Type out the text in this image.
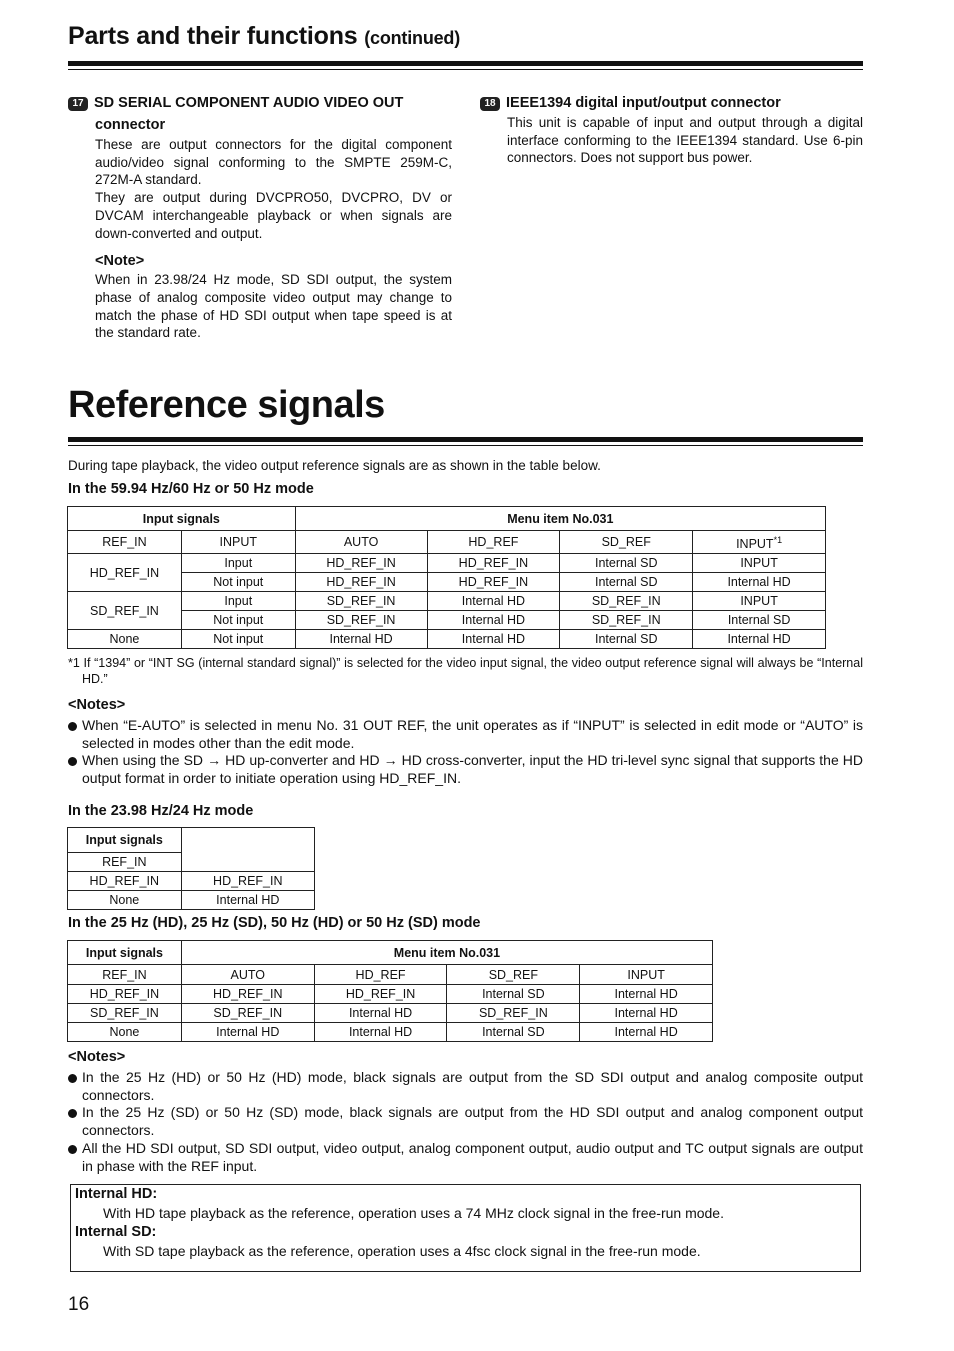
Parts and their functions (continued)
17 SD SERIAL COMPONENT AUDIO VIDEO OUT
connector
These are output connectors for the digital component audio/video signal conforming to the SMPTE 259M-C, 272M-A standard.
They are output during DVCPRO50, DVCPRO, DV or DVCAM interchangeable playback or when signals are down-converted and output.
<Note>
When in 23.98/24 Hz mode, SD SDI output, the system phase of analog composite video output may change to match the phase of HD SDI output when tape speed is at the standard rate.
18 IEEE1394 digital input/output connector
This unit is capable of input and output through a digital interface conforming to the IEEE1394 standard. Use 6-pin connectors. Does not support bus power.
Reference signals
During tape playback, the video output reference signals are as shown in the table below.
In the 59.94 Hz/60 Hz or 50 Hz mode
Input signals		Menu item No.031			
REF_IN	INPUT	AUTO	HD_REF	SD_REF	INPUT$^{*1}$
HD_REF_IN	Input	HD_REF_IN	HD_REF_IN	Internal SD	INPUT
	Not input	HD_REF_IN	HD_REF_IN	Internal SD	Internal HD
SD_REF_IN	Input	SD_REF_IN	Internal HD	SD_REF_IN	INPUT
	Not input	SD_REF_IN	Internal HD	SD_REF_IN	Internal SD
None	Not input	Internal HD	Internal HD	Internal SD	Internal HD
*1 If “1394” or “INT SG (internal standard signal)” is selected for the video input signal, the video output reference signal will always be “Internal HD.”
<Notes>
When “E-AUTO” is selected in menu No. 31 OUT REF, the unit operates as if “INPUT” is selected in edit mode or “AUTO” is selected in modes other than the edit mode.
When using the SD → HD up-converter and HD → HD cross-converter, input the HD tri-level sync signal that supports the HD output format in order to initiate operation using HD_REF_IN.
In the 23.98 Hz/24 Hz mode
Input signals	
REF_IN	
HD_REF_IN	HD_REF_IN
None	Internal HD
In the 25 Hz (HD), 25 Hz (SD), 50 Hz (HD) or 50 Hz (SD) mode
Input signals	Menu item No.031			
REF_IN	AUTO	HD_REF	SD_REF	INPUT
HD_REF_IN	HD_REF_IN	HD_REF_IN	Internal SD	Internal HD
SD_REF_IN	SD_REF_IN	Internal HD	SD_REF_IN	Internal HD
None	Internal HD	Internal HD	Internal SD	Internal HD
<Notes>
In the 25 Hz (HD) or 50 Hz (HD) mode, black signals are output from the SD SDI output and analog composite output connectors.
In the 25 Hz (SD) or 50 Hz (SD) mode, black signals are output from the HD SDI output and analog component output connectors.
All the HD SDI output, SD SDI output, video output, analog component output, audio output and TC output signals are output in phase with the REF input.
Internal HD:
With HD tape playback as the reference, operation uses a 74 MHz clock signal in the free-run mode.
Internal SD:
With SD tape playback as the reference, operation uses a 4fsc clock signal in the free-run mode.
16
